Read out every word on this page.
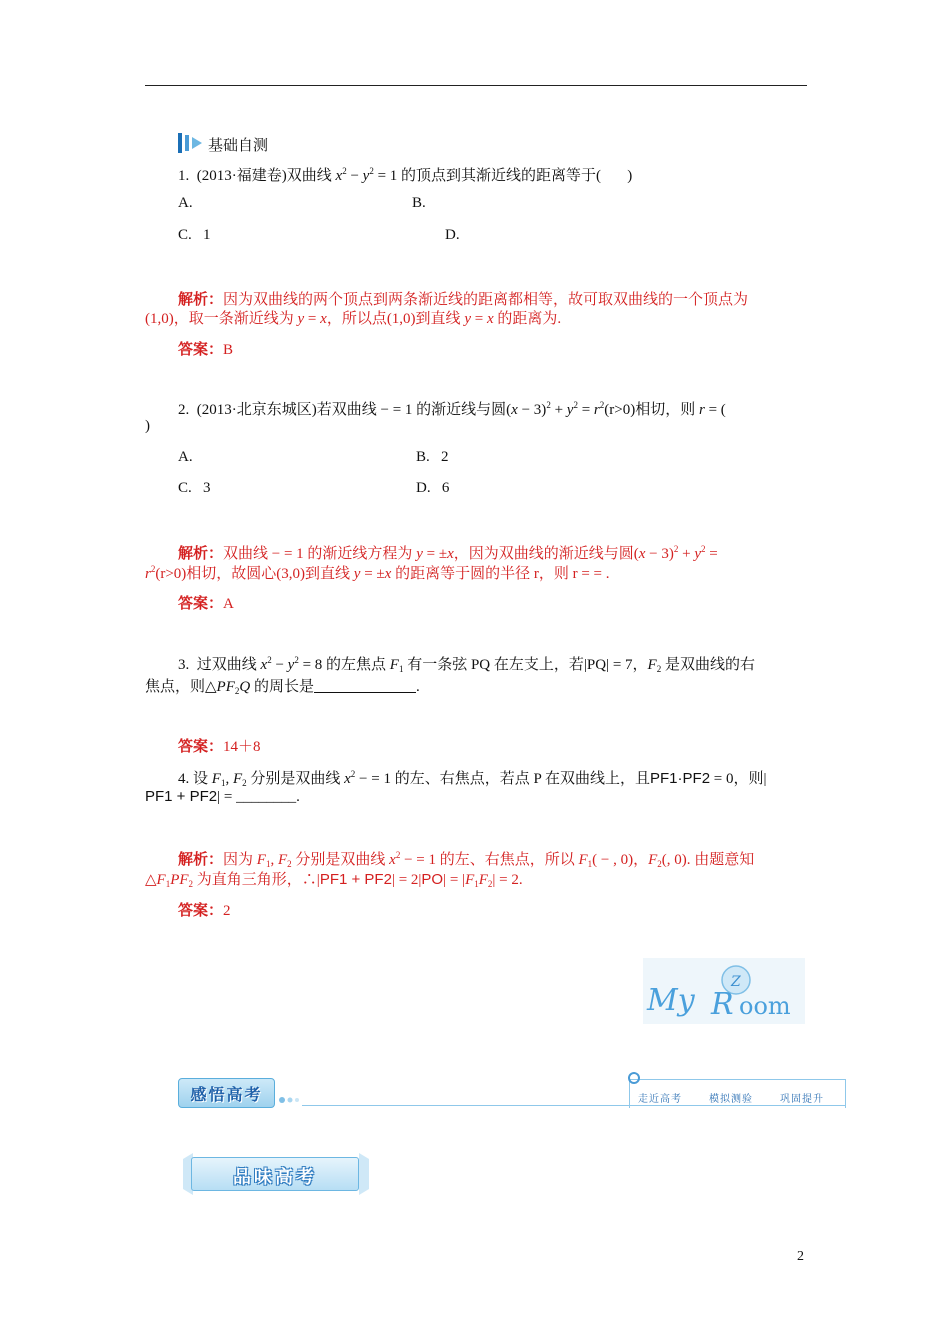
基础自测
1. (2013·福建卷)双曲线 $x^2 - y^2 = 1$ 的顶点到其渐近线的距离等于( )
A.	B.
C. 1	D.
解析：因为双曲线的两个顶点到两条渐近线的距离都相等，故可取双曲线的一个顶点为
(1,0)，取一条渐近线为 y = x，所以点(1,0)到直线 y = x 的距离为.
答案：B
2. (2013·北京东城区)若双曲线 − = 1 的渐近线与圆$(x - 3)^2 + y^2 = r^2(r>0)$相切，则 r = (
)
A.	B. 2
C. 3	D. 6
解析：双曲线 − = 1 的渐近线方程为 y = ±x，因为双曲线的渐近线与圆$(x - 3)^2 + y^2$ =
$r^2(r>0)$相切，故圆心(3,0)到直线 y = ±x 的距离等于圆的半径 r，则 r = = .
答案：A
3. 过双曲线 $x^2 - y^2 = 8$ 的左焦点 $F_1$ 有一条弦 PQ 在左支上，若|PQ| = 7，$F_2$ 是双曲线的右
焦点，则$\triangle PF_2Q$ 的周长是	.
答案：14＋8
4. 设 $F_1$, $F_2$ 分别是双曲线 $x^2$ − = 1 的左、右焦点，若点 P 在双曲线上，且PF1·PF2 = 0，则|
PF1 + PF2| = ________.
解析：因为 $F_1$, $F_2$ 分别是双曲线 $x^2$ − = 1 的左、右焦点，所以 $F_1$( − , 0)，$F_2$(, 0). 由题意知
$\triangle F_1PF_2$ 为直角三角形，∴|PF1 + $PF2| = 2|PO| = |F_1F_2| = 2$.
答案：2
Z
My R oom
感悟高考	走近高考	模拟测验	巩固提升
品味高考
2
